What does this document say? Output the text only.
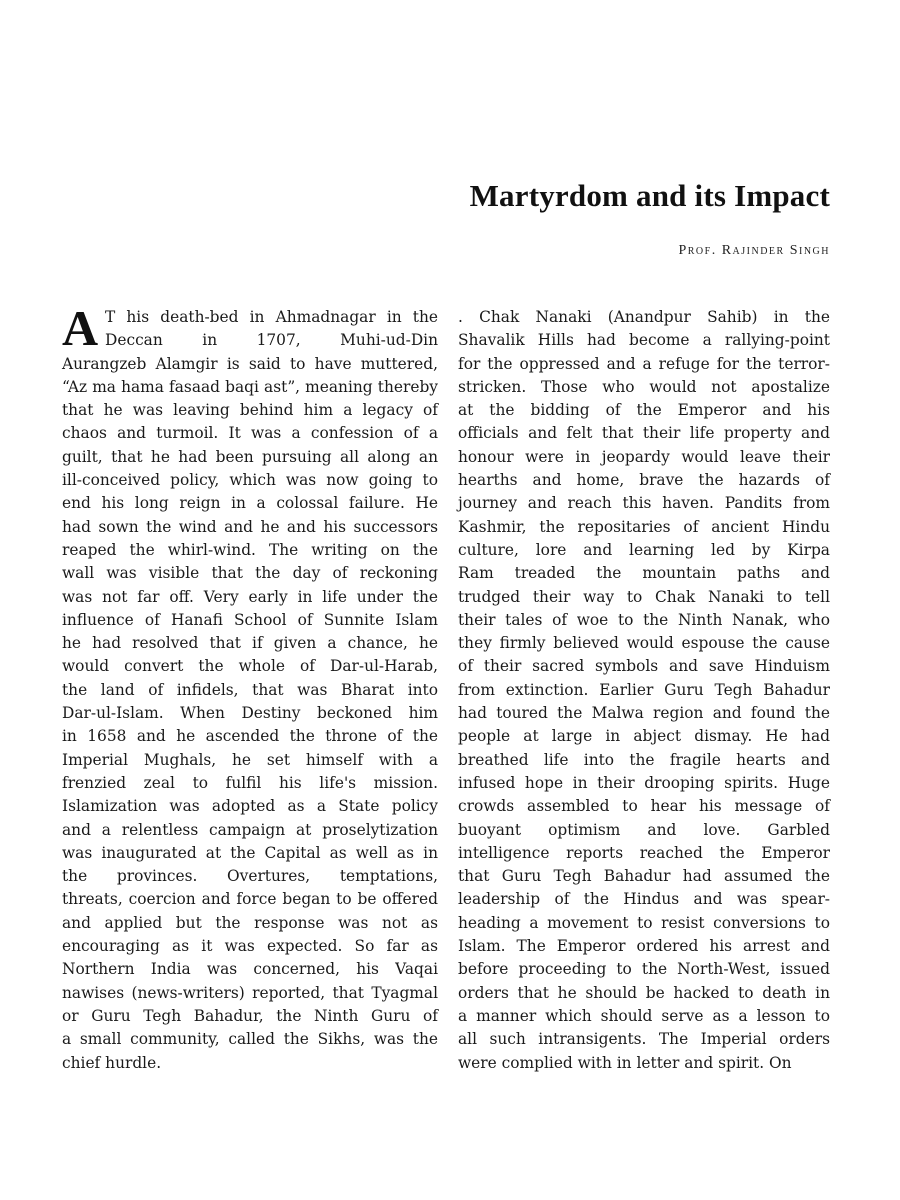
Martyrdom and its Impact

Prof. Rajinder Singh

A T his death-bed in Ahmadnagar in the
Deccan in 1707, Muhi-ud-Din
Aurangzeb Alamgir is said to have muttered,
“Az ma hama fasaad baqi ast”, meaning thereby
that he was leaving behind him a legacy of
chaos and turmoil. It was a confession of a
guilt, that he had been pursuing all along an
ill-conceived policy, which was now going to
end his long reign in a colossal failure. He
had sown the wind and he and his successors
reaped the whirl-wind. The writing on the
wall was visible that the day of reckoning
was not far off. Very early in life under the
influence of Hanafi School of Sunnite Islam
he had resolved that if given a chance, he
would convert the whole of Dar-ul-Harab,
the land of infidels, that was Bharat into
Dar-ul-Islam. When Destiny beckoned him
in 1658 and he ascended the throne of the
Imperial Mughals, he set himself with a
frenzied zeal to fulfil his life's mission.
Islamization was adopted as a State policy
and a relentless campaign at proselytization
was inaugurated at the Capital as well as in
the provinces. Overtures, temptations,
threats, coercion and force began to be offered
and applied but the response was not as
encouraging as it was expected. So far as
Northern India was concerned, his Vaqai
nawises (news-writers) reported, that Tyagmal
or Guru Tegh Bahadur, the Ninth Guru of
a small community, called the Sikhs, was the
chief hurdle.
. Chak Nanaki (Anandpur Sahib) in the
Shavalik Hills had become a rallying-point
for the oppressed and a refuge for the terror-
stricken. Those who would not apostalize
at the bidding of the Emperor and his
officials and felt that their life property and
honour were in jeopardy would leave their
hearths and home, brave the hazards of
journey and reach this haven. Pandits from
Kashmir, the repositaries of ancient Hindu
culture, lore and learning led by Kirpa
Ram treaded the mountain paths and
trudged their way to Chak Nanaki to tell
their tales of woe to the Ninth Nanak, who
they firmly believed would espouse the cause
of their sacred symbols and save Hinduism
from extinction. Earlier Guru Tegh Bahadur
had toured the Malwa region and found the
people at large in abject dismay. He had
breathed life into the fragile hearts and
infused hope in their drooping spirits. Huge
crowds assembled to hear his message of
buoyant optimism and love. Garbled
intelligence reports reached the Emperor
that Guru Tegh Bahadur had assumed the
leadership of the Hindus and was spear-
heading a movement to resist conversions to
Islam. The Emperor ordered his arrest and
before proceeding to the North-West, issued
orders that he should be hacked to death in
a manner which should serve as a lesson to
all such intransigents. The Imperial orders
were complied with in letter and spirit. On
